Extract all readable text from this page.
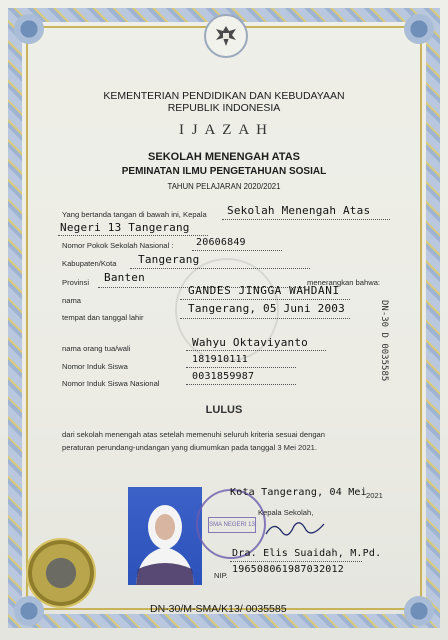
KEMENTERIAN PENDIDIKAN DAN KEBUDAYAAN
REPUBLIK INDONESIA
I J A Z A H
SEKOLAH MENENGAH ATAS
PEMINATAN ILMU PENGETAHUAN SOSIAL
TAHUN PELAJARAN 2020/2021
Yang bertanda tangan di bawah ini, Kepala Sekolah Menengah Atas
Negeri 13 Tangerang
Nomor Pokok Sekolah Nasional : 20606849
Kabupaten/Kota Tangerang
Provinsi Banten	menerangkan bahwa:
nama
GANDES JINGGA WAHDANI
tempat dan tanggal lahir
Tangerang, 05 Juni 2003
nama orang tua/wali	Wahyu Oktaviyanto
Nomor Induk Siswa
181910111
Nomor Induk Siswa Nasional
0031859987
LULUS
dari sekolah menengah atas setelah memenuhi seluruh kriteria sesuai dengan
peraturan perundang-undangan yang diumumkan pada tanggal 3 Mei 2021.
DN-30 D 0035585
SMA NEGERI 13
Kota Tangerang, 04 Mei 2021
Kepala Sekolah,
Dra. Elis Suaidah, M.Pd.
NIP.
196508061987032012
DN-30/M-SMA/K13/ 0035585
